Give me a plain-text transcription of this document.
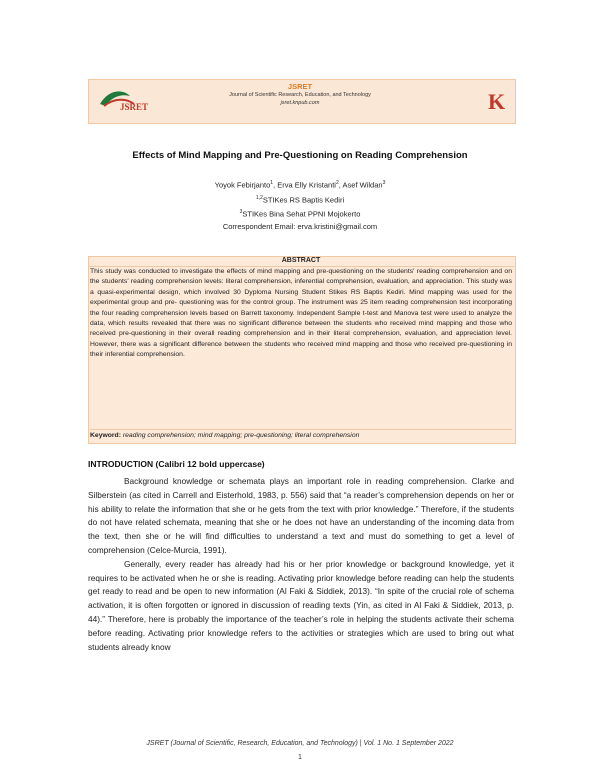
JSRET
JSRET
Journal of Scientific Research, Education, and Technology
jsret.knpub.com	K
Effects of Mind Mapping and Pre-Questioning on Reading Comprehension
Yoyok Febirjanto$^1$, Erva Elly Kristanti$^2$, Asef Wildan$^3$
$^{1,2}$STIKes RS Baptis Kediri
$^3$STIKes Bina Sehat PPNI Mojokerto
Correspondent Email: erva.kristini@gmail.com
ABSTRACT
This study was conducted to investigate the effects of mind mapping and pre-questioning on the students' reading comprehension and on the students' reading comprehension levels: literal comprehension, inferential comprehension, evaluation, and appreciation. This study was a quasi-experimental design, which involved 30 Dyploma Nursing Student Stikes RS Baptis Kediri. Mind mapping was used for the experimental group and pre- questioning was for the control group. The instrument was 25 item reading comprehension test incorporating the four reading comprehension levels based on Barrett taxonomy. Independent Sample t-test and Manova test were used to analyze the data, which results revealed that there was no significant difference between the students who received mind mapping and those who received pre-questioning in their overall reading comprehension and in their literal comprehension, evaluation, and appreciation level. However, there was a significant difference between the students who received mind mapping and those who received pre-questioning in their inferential comprehension.
Keyword: reading comprehension; mind mapping; pre-questioning; literal comprehension
INTRODUCTION (Calibri 12 bold uppercase)

Background knowledge or schemata plays an important role in reading comprehension. Clarke and Silberstein (as cited in Carrell and Eisterhold, 1983, p. 556) said that “a reader’s comprehension depends on her or his ability to relate the information that she or he gets from the text with prior knowledge.” Therefore, if the students do not have related schemata, meaning that she or he does not have an understanding of the incoming data from the text, then she or he will find difficulties to understand a text and must do something to get a level of comprehension (Celce-Murcia, 1991).

Generally, every reader has already had his or her prior knowledge or background knowledge, yet it requires to be activated when he or she is reading. Activating prior knowledge before reading can help the students get ready to read and be open to new information (Al Faki & Siddiek, 2013). “In spite of the crucial role of schema activation, it is often forgotten or ignored in discussion of reading texts (Yin, as cited in Al Faki & Siddiek, 2013, p. 44).” Therefore, here is probably the importance of the teacher’s role in helping the students activate their schema before reading. Activating prior knowledge refers to the activities or strategies which are used to bring out what students already know

JSRET (Journal of Scientific, Research, Education, and Technology) | Vol. 1 No. 1 September 2022
1
